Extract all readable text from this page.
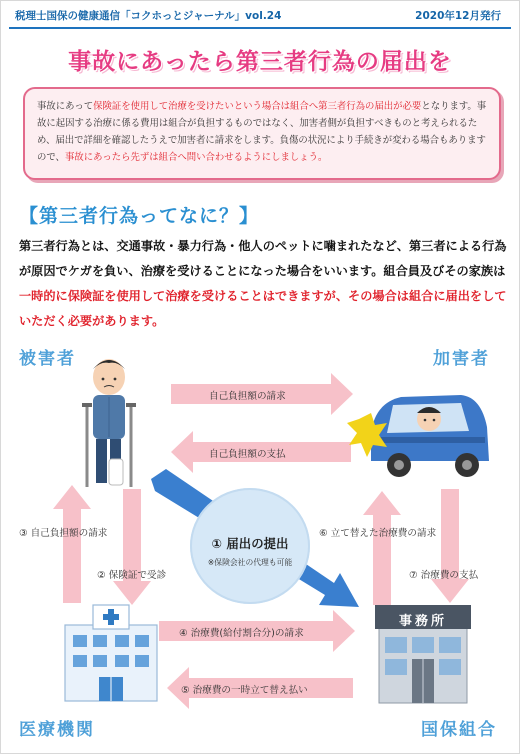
税理士国保の健康通信「コクホっとジャーナル」vol.24	2020年12月発行
事故にあったら第三者行為の届出を
事故にあって保険証を使用して治療を受けたいという場合は組合へ第三者行為の届出が必要となります。事故に起因する治療に係る費用は組合が負担するものではなく、加害者側が負担すべきものと考えられるため、届出で詳細を確認したうえで加害者に請求をします。負傷の状況により手続きが変わる場合もありますので、事故にあったら先ずは組合へ問い合わせるようにしましょう。
【第三者行為ってなに？】
第三者行為とは、交通事故・暴力行為・他人のペットに噛まれたなど、第三者による行為が原因でケガを負い、治療を受けることになった場合をいいます。組合員及びその家族は一時的に保険証を使用して治療を受けることはできますが、その場合は組合に届出をしていただく必要があります。
事務所
被害者	加害者
医療機関	国保組合
自己負担額の請求
自己負担額の支払
③ 自己負担額の請求
② 保険証で受診
⑥ 立て替えた治療費の請求
⑦ 治療費の支払
④ 治療費(給付割合分)の請求
⑤ 治療費の一時立て替え払い
① 届出の提出
※保険会社の代理も可能
